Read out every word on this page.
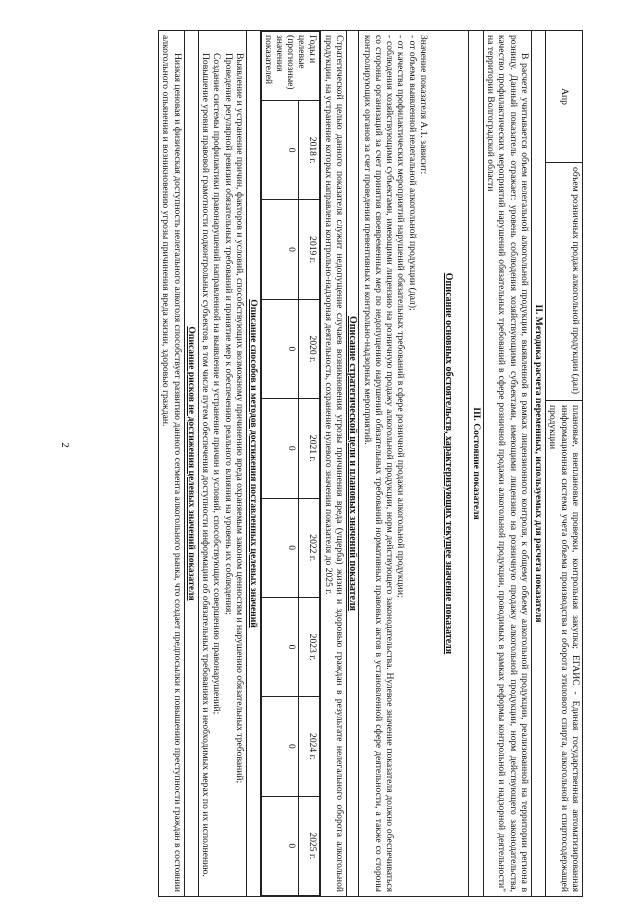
2
Апр	объем розничных продаж алкогольной продукции (дал)	плановые, внеплановые проверки, контрольная закупка; ЕГАИС - Единая государственная автоматизированная информационная система учета объема производства и оборота этилового спирта, алкогольной и спиртосодержащей продукции
II. Методика расчета переменных, используемых для расчета показателя
В расчете учитывается объем нелегальной алкогольной продукции, выявленной в рамках лицензионного контроля, к общему объему алкогольной продукции, реализованной на территории региона в розницу. Данный показатель отражает: уровень соблюдения хозяйствующими субъектами, имеющими лицензию на розничную продажу алкогольной продукции, норм действующего законодательства, качество профилактических мероприятий нарушений обязательных требований в сфере розничной продажи алкогольной продукции, проводимых в рамках реформы контрольной и надзорной деятельности" на территории Волгоградской области
III. Состояние показателя

Описание основных обстоятельств, характеризующих текущее значение показателя

Значение показателя А.1. зависит:

- от объема выявленной нелегальной алкогольной продукции (дал);

- от качества профилактических мероприятий нарушений обязательных требований в сфере розничной продажи алкогольной продукции;

- соблюдения хозяйствующими субъектами, имеющими лицензию на розничную продажу алкогольной продукции, норм действующего законодательства. Нулевое значение показателя должно обеспечиваться со стороны организаций за счет принятия своевременных мер по недопущению нарушений обязательных требований нормативных правовых актов в установленной сфере деятельности, а также со стороны контролирующих органов за счет проведения превентивных и контрольно-надзорных мероприятий.

Описание стратегической цели и плановых значений показателя

Стратегической целью данного показателя служит недопущение случаев возникновения угрозы причинения вреда (ущерба) жизни и здоровью граждан в результате нелегального оборота алкогольной продукции, на устранение которых направлена контрольно-надзорная деятельность, сохранение нулевого значения показателя до 2025 г.

Годы и целевые (прогнозные) значения показателей	2018 г.	2019 г.	2020 г.	2021 г.	2022 г.	2023 г.	2024 г.	2025 г.
0	0	0	0	0	0	0	0

Описание способов и методов достижения поставленных целевых значений

Выявление и устранение причин, факторов и условий, способствующих возможному причинению вреда охраняемым законом ценностям и нарушению обязательных требований;

Проведение регулярной ревизии обязательных требований и принятие мер к обеспечению реального влияния на уровень их соблюдения;

Создание системы профилактики правонарушений направленной на выявление и устранение причин и условий, способствующих совершению правонарушений;

Повышение уровня правовой грамотности подконтрольных субъектов, в том числе путем обеспечения доступности информации об обязательных требованиях и необходимых мерах по их исполнению.

Описание рисков не достижения целевых значений показателя
Низкая ценовая и физическая доступность нелегального алкоголя способствует развитию данного сегмента алкогольного рынка, что создает предпосылки к повышению преступности граждан в состоянии алкогольного опьянения и возникновению угрозы причинения вреда жизни, здоровью граждан.
